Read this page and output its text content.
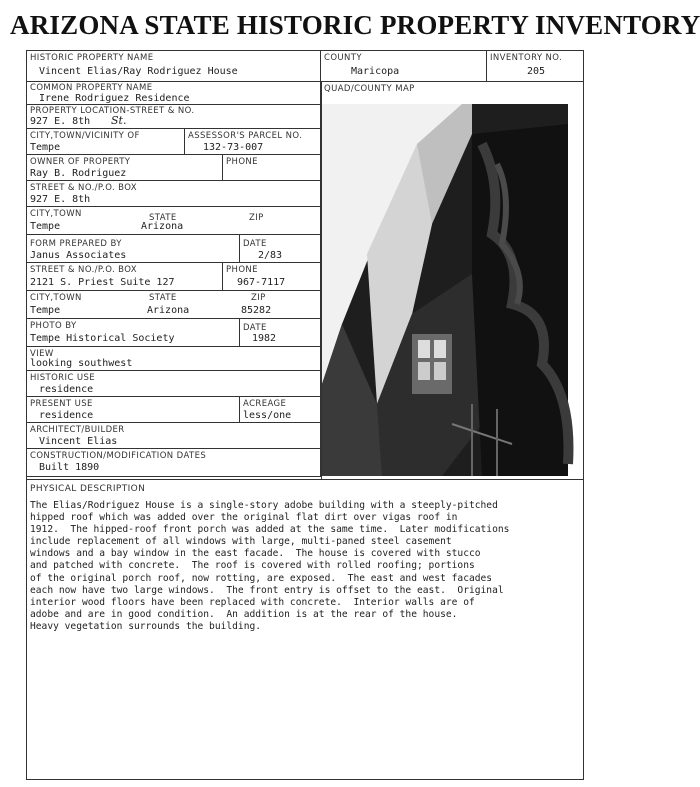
ARIZONA STATE HISTORIC PROPERTY INVENTORY
HISTORIC PROPERTY NAME
Vincent Elias/Ray Rodriguez House
COUNTY
Maricopa
INVENTORY NO.
205
QUAD/COUNTY MAP
COMMON PROPERTY NAME
Irene Rodriguez Residence
PROPERTY LOCATION-STREET & NO.
927 E. 8th St.
CITY,TOWN/VICINITY OF
Tempe
ASSESSOR'S PARCEL NO.
132-73-007
OWNER OF PROPERTY
Ray B. Rodriguez
PHONE
STREET & NO./P.O. BOX
927 E. 8th
CITY,TOWN
Tempe
STATE
Arizona
ZIP
FORM PREPARED BY
Janus Associates
DATE
2/83
STREET & NO./P.O. BOX
2121 S. Priest Suite 127
PHONE
967-7117
CITY,TOWN
Tempe
STATE
Arizona
ZIP
85282
PHOTO BY
Tempe Historical Society
DATE
1982
VIEW
looking southwest
HISTORIC USE
residence
PRESENT USE
residence
ACREAGE
less/one
ARCHITECT/BUILDER
Vincent Elias
CONSTRUCTION/MODIFICATION DATES
Built 1890
PHYSICAL DESCRIPTION
The Elias/Rodriguez House is a single-story adobe building with a steeply-pitched
hipped roof which was added over the original flat dirt over vigas roof in
1912.  The hipped-roof front porch was added at the same time.  Later modifications
include replacement of all windows with large, multi-paned steel casement
windows and a bay window in the east facade.  The house is covered with stucco
and patched with concrete.  The roof is covered with rolled roofing; portions
of the original porch roof, now rotting, are exposed.  The east and west facades
each now have two large windows.  The front entry is offset to the east.  Original
interior wood floors have been replaced with concrete.  Interior walls are of
adobe and are in good condition.  An addition is at the rear of the house.
Heavy vegetation surrounds the building.
